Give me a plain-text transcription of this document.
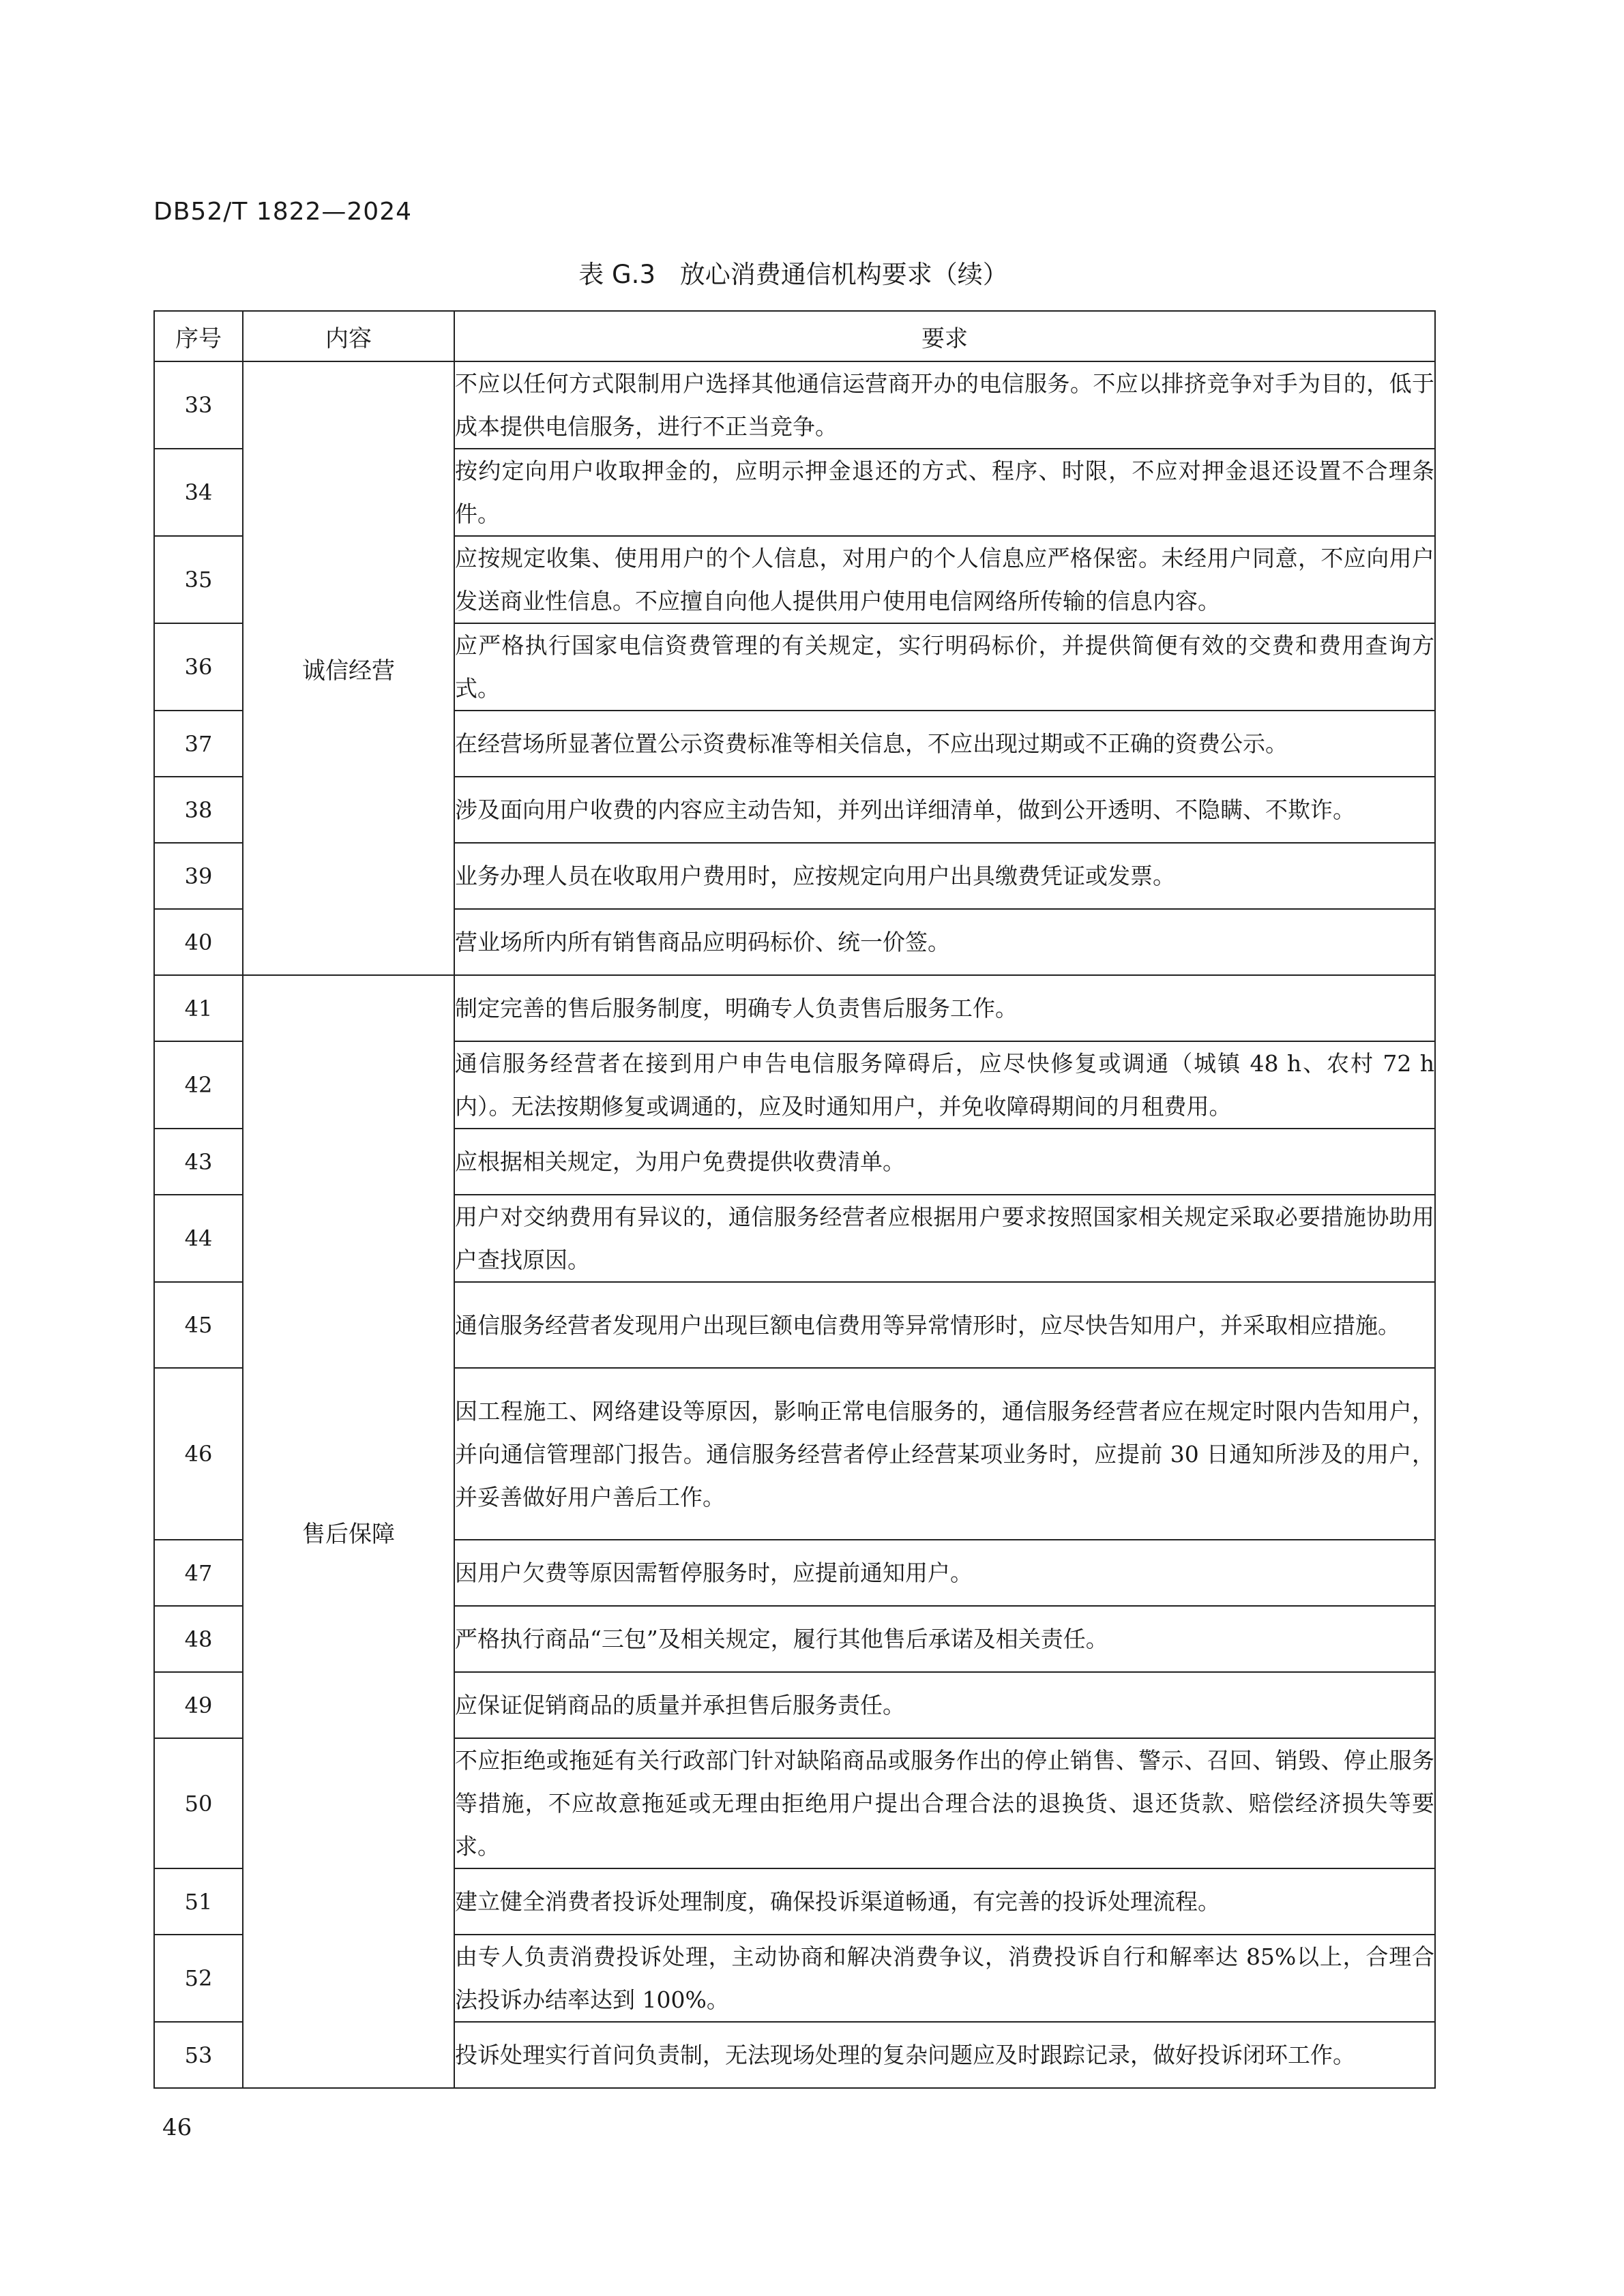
DB52/T 1822—2024
表 G.3 放心消费通信机构要求（续）
序号	内容	要求
33	诚信经营	不应以任何方式限制用户选择其他通信运营商开办的电信服务。不应以排挤竞争对手为目的，低于成本提供电信服务，进行不正当竞争。
34		按约定向用户收取押金的，应明示押金退还的方式、程序、时限，不应对押金退还设置不合理条件。
35		应按规定收集、使用用户的个人信息，对用户的个人信息应严格保密。未经用户同意，不应向用户发送商业性信息。不应擅自向他人提供用户使用电信网络所传输的信息内容。
36		应严格执行国家电信资费管理的有关规定，实行明码标价，并提供简便有效的交费和费用查询方式。
37		在经营场所显著位置公示资费标准等相关信息，不应出现过期或不正确的资费公示。
38		涉及面向用户收费的内容应主动告知，并列出详细清单，做到公开透明、不隐瞒、不欺诈。
39		业务办理人员在收取用户费用时，应按规定向用户出具缴费凭证或发票。
40		营业场所内所有销售商品应明码标价、统一价签。
41	售后保障	制定完善的售后服务制度，明确专人负责售后服务工作。
42		通信服务经营者在接到用户申告电信服务障碍后，应尽快修复或调通（城镇 48 h、农村 72 h 内）。无法按期修复或调通的，应及时通知用户，并免收障碍期间的月租费用。
43		应根据相关规定，为用户免费提供收费清单。
44		用户对交纳费用有异议的，通信服务经营者应根据用户要求按照国家相关规定采取必要措施协助用户查找原因。
45		通信服务经营者发现用户出现巨额电信费用等异常情形时，应尽快告知用户，并采取相应措施。
46		因工程施工、网络建设等原因，影响正常电信服务的，通信服务经营者应在规定时限内告知用户，并向通信管理部门报告。通信服务经营者停止经营某项业务时，应提前 30 日通知所涉及的用户，并妥善做好用户善后工作。
47		因用户欠费等原因需暂停服务时，应提前通知用户。
48		严格执行商品“三包”及相关规定，履行其他售后承诺及相关责任。
49		应保证促销商品的质量并承担售后服务责任。
50		不应拒绝或拖延有关行政部门针对缺陷商品或服务作出的停止销售、警示、召回、销毁、停止服务等措施，不应故意拖延或无理由拒绝用户提出合理合法的退换货、退还货款、赔偿经济损失等要求。
51		建立健全消费者投诉处理制度，确保投诉渠道畅通，有完善的投诉处理流程。
52		由专人负责消费投诉处理，主动协商和解决消费争议，消费投诉自行和解率达 85%以上，合理合法投诉办结率达到 100%。
53		投诉处理实行首问负责制，无法现场处理的复杂问题应及时跟踪记录，做好投诉闭环工作。
46
